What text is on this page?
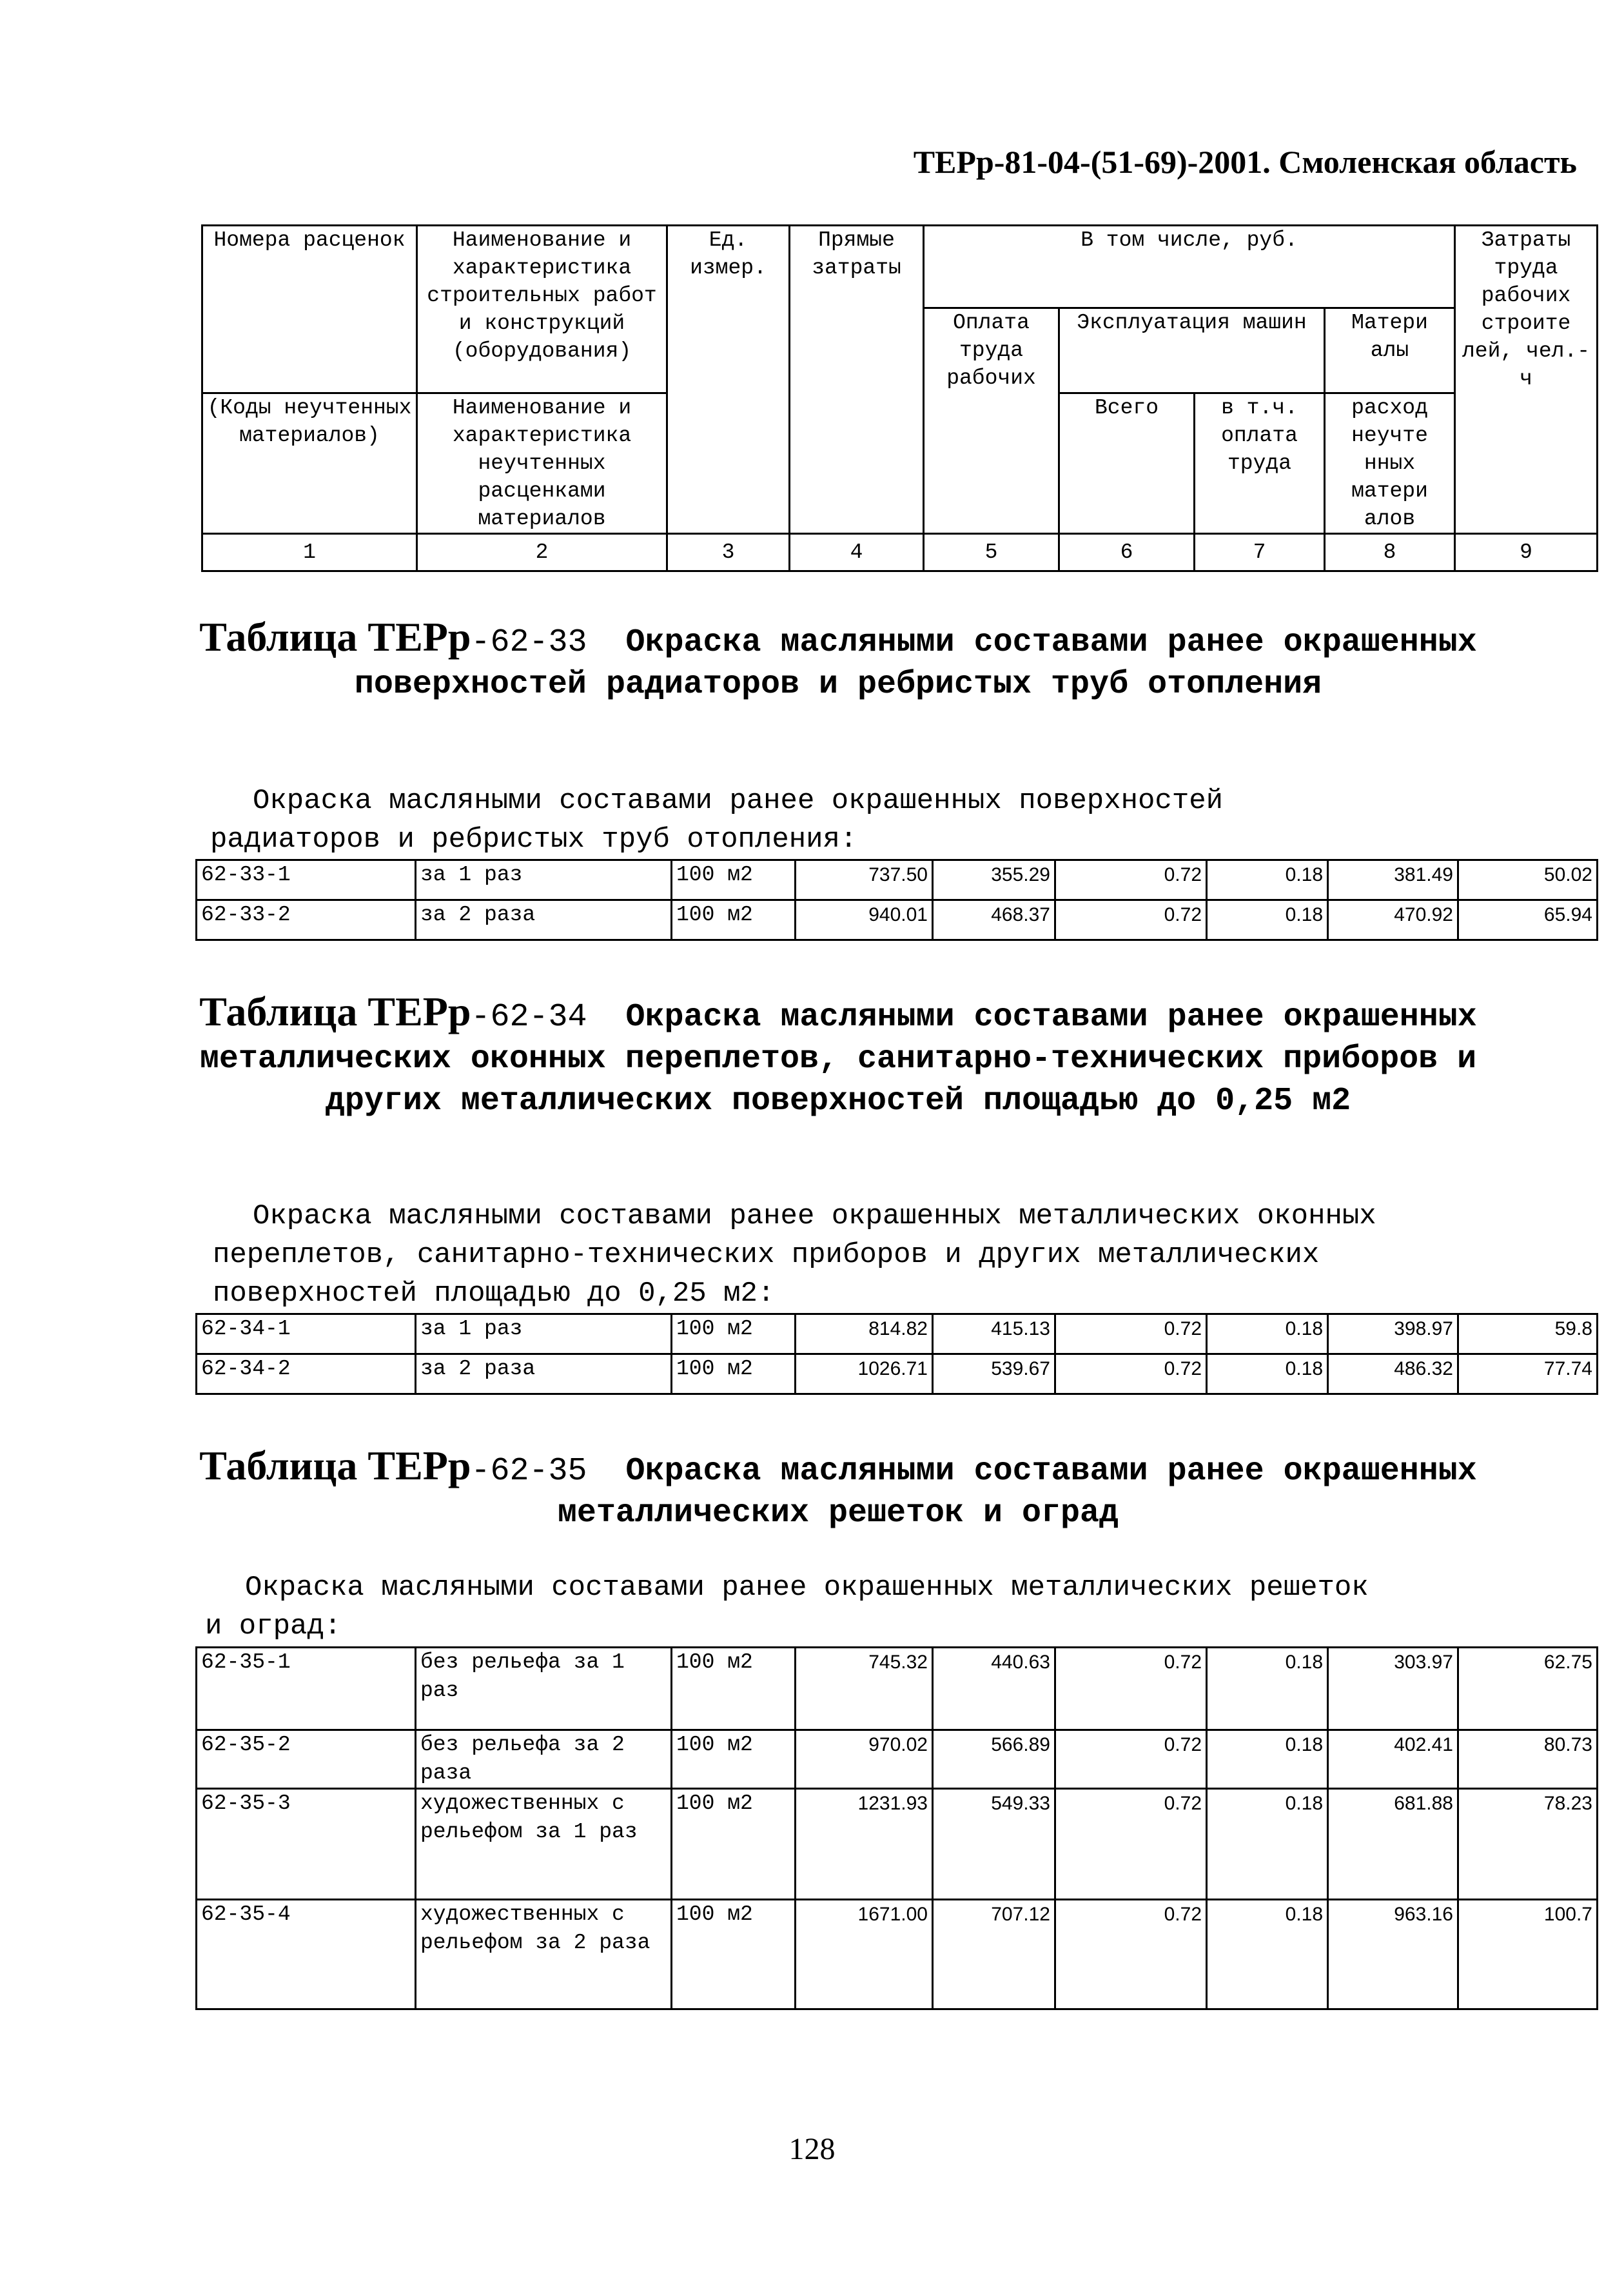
ТЕРр-81-04-(51-69)-2001. Смоленская область
Номера расценок	Наименование и характеристика строительных работ и конструкций (оборудования)	Ед. измер.	Прямые затраты	В том числе, руб.				Затраты труда рабочих строите лей, чел.-ч
				Оплата труда рабочих	Эксплуатация машин		Матери алы	
(Коды неучтенных материалов)	Наименование и характеристика неучтенных расценками материалов				Всего	в т.ч. оплата труда	расход неучте нных матери алов	

1	2	3	4	5	6	7	8	9
Таблица ТЕРр-62-33 Окраска масляными составами ранее окрашенных поверхностей радиаторов и ребристых труб отопления

Окраска масляными составами ранее окрашенных поверхностей

радиаторов и ребристых труб отопления:

62-33-1	за 1 раз	100 м2	737.50	355.29	0.72	0.18	381.49	50.02
62-33-2	за 2 раза	100 м2	940.01	468.37	0.72	0.18	470.92	65.94
Таблица ТЕРр-62-34 Окраска масляными составами ранее окрашенных металлических оконных переплетов, санитарно-технических приборов и других металлических поверхностей площадью до 0,25 м2

Окраска масляными составами ранее окрашенных металлических оконных

переплетов, санитарно-технических приборов и других металлических

поверхностей площадью до 0,25 м2:

62-34-1	за 1 раз	100 м2	814.82	415.13	0.72	0.18	398.97	59.8
62-34-2	за 2 раза	100 м2	1026.71	539.67	0.72	0.18	486.32	77.74
Таблица ТЕРр-62-35 Окраска масляными составами ранее окрашенных металлических решеток и оград

Окраска масляными составами ранее окрашенных металлических решеток

и оград:

62-35-1	без рельефа за 1 раз	100 м2	745.32	440.63	0.72	0.18	303.97	62.75
62-35-2	без рельефа за 2 раза	100 м2	970.02	566.89	0.72	0.18	402.41	80.73
62-35-3	художественных с рельефом за 1 раз	100 м2	1231.93	549.33	0.72	0.18	681.88	78.23
62-35-4	художественных с рельефом за 2 раза	100 м2	1671.00	707.12	0.72	0.18	963.16	100.7
128
